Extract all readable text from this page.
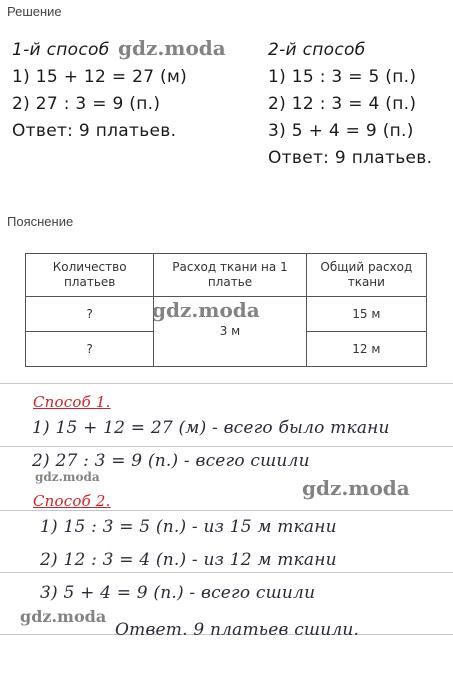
Решение
1-й способ
1) 15 + 12 = 27 (м)
2) 27 : 3 = 9 (п.)
Ответ: 9 платьев.
2-й способ
1) 15 : 3 = 5 (п.)
2) 12 : 3 = 4 (п.)
3) 5 + 4 = 9 (п.)
Ответ: 9 платьев.
gdz.moda
Пояснение
Количество платьев	Расход ткани на 1 платье	Общий расход ткани
?	3 м	15 м
?		12 м
gdz.moda
Способ 1.
1) 15 + 12 = 27 (м) - всего было ткани
2) 27 : 3 = 9 (п.) - всего сшили
gdz.moda	gdz.moda
Способ 2.
1) 15 : 3 = 5 (п.) - из 15 м ткани
2) 12 : 3 = 4 (п.) - из 12 м ткани
3) 5 + 4 = 9 (п.) - всего сшили
gdz.moda
Ответ. 9 платьев сшили.
